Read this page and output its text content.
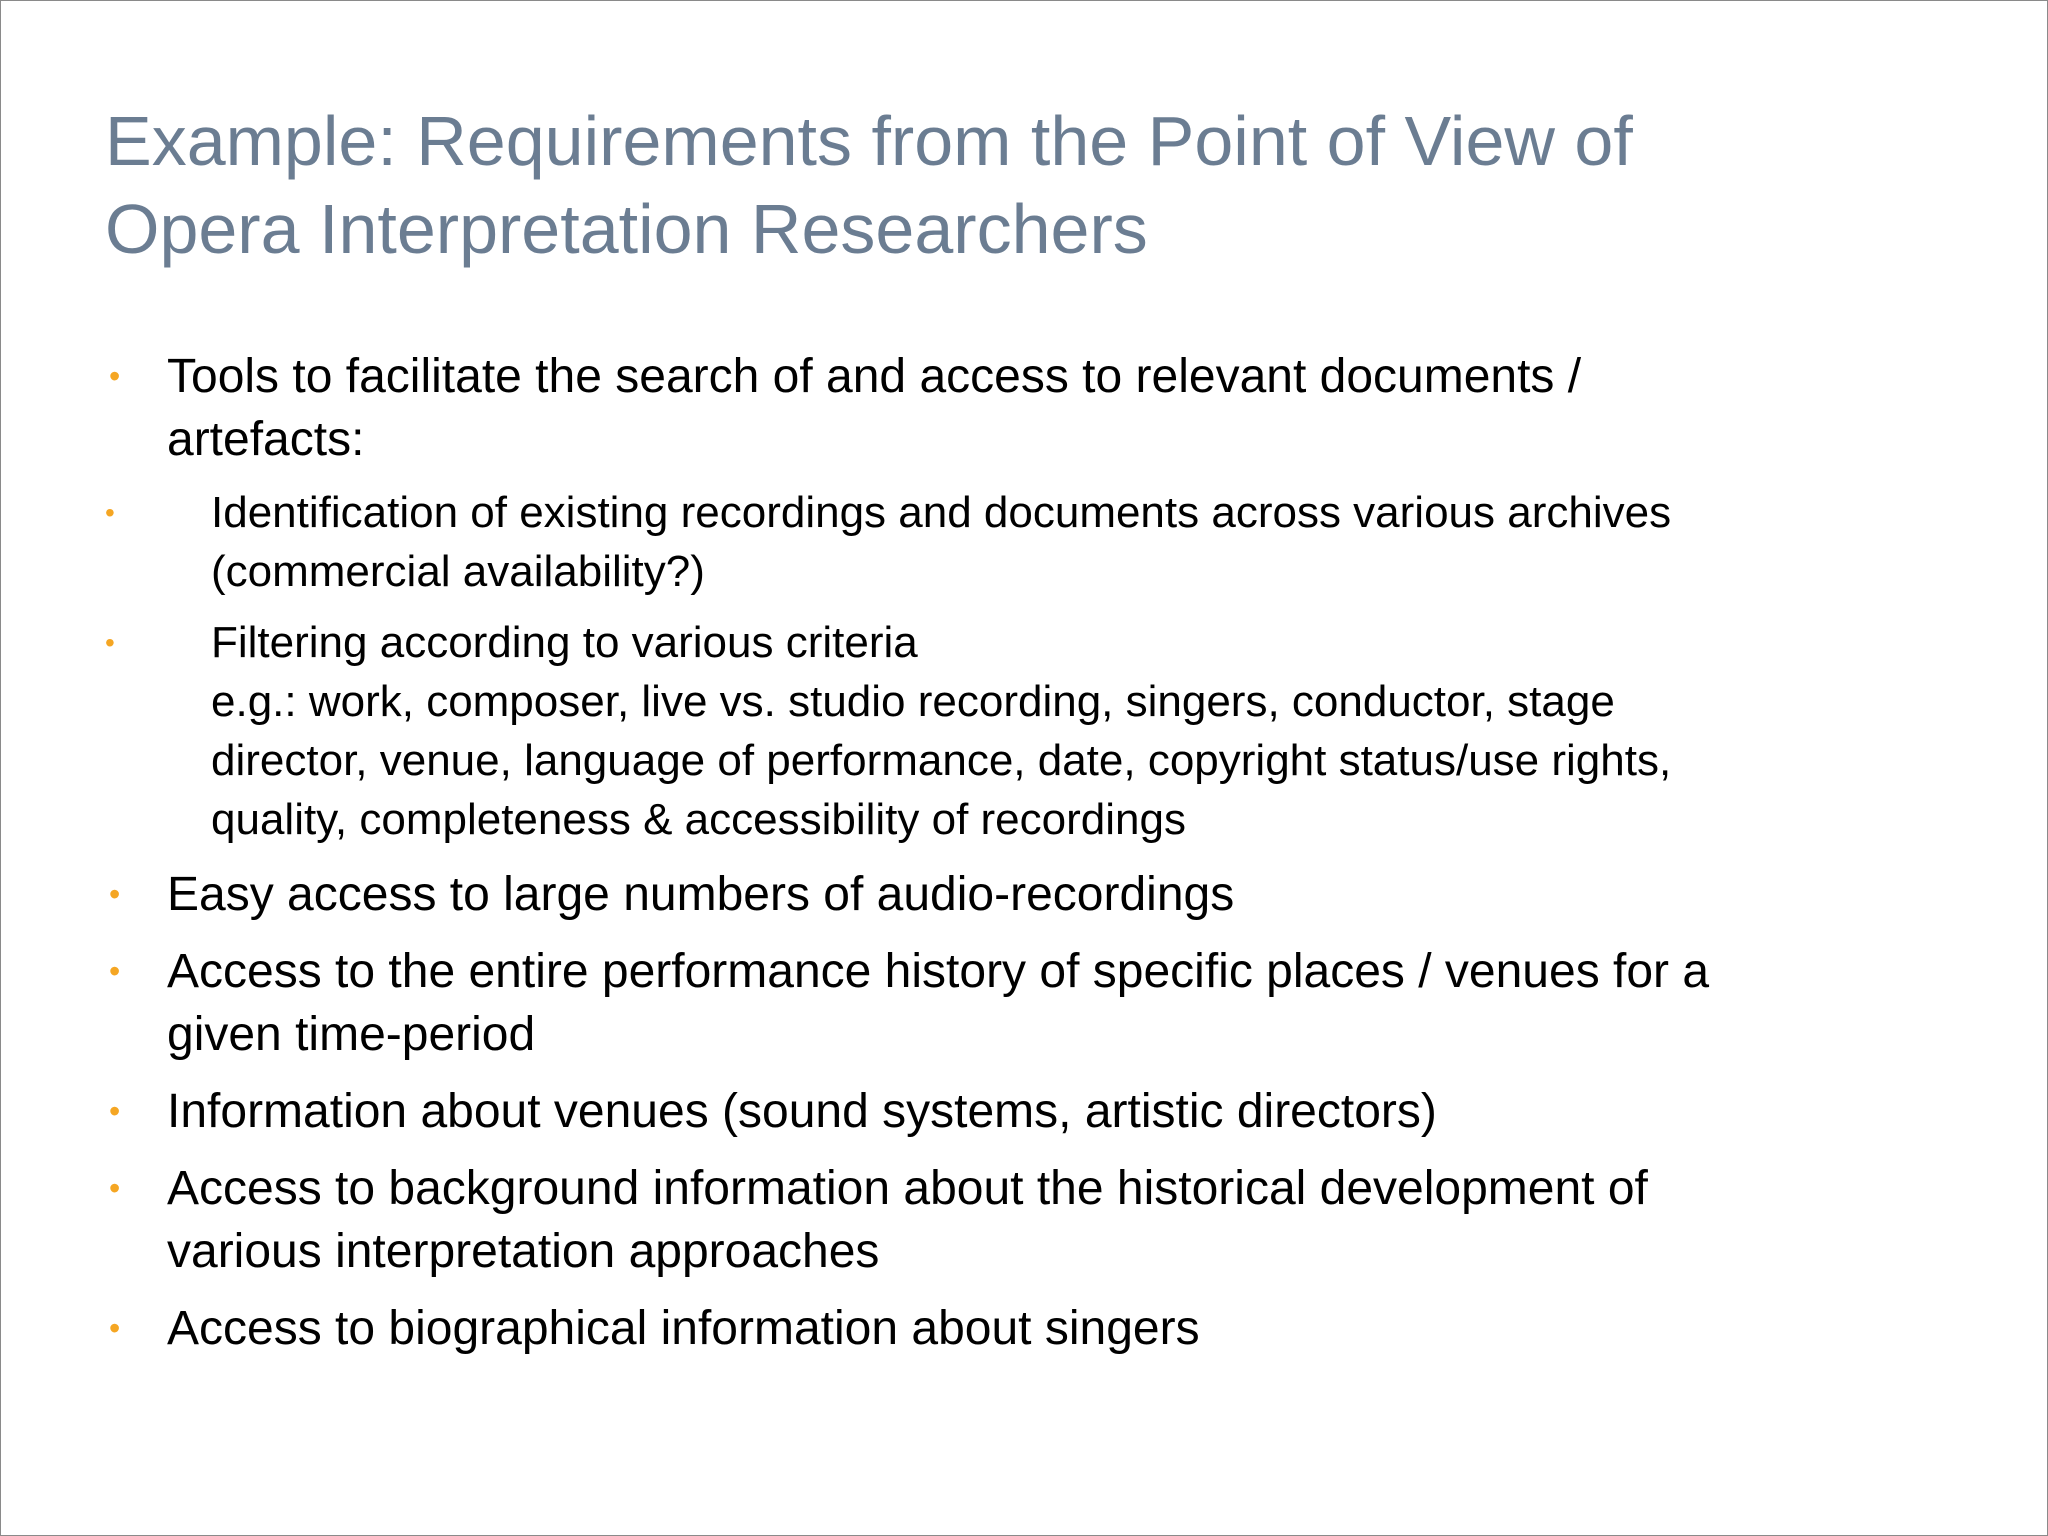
Example: Requirements from the Point of View of
Opera Interpretation Researchers
• Tools to facilitate the search of and access to relevant documents /
artefacts:
• Identification of existing recordings and documents across various archives
(commercial availability?)
• Filtering according to various criteria
e.g.: work, composer, live vs. studio recording, singers, conductor, stage
director, venue, language of performance, date, copyright status/use rights,
quality, completeness & accessibility of recordings
• Easy access to large numbers of audio-recordings
• Access to the entire performance history of specific places / venues for a
given time-period
• Information about venues (sound systems, artistic directors)
• Access to background information about the historical development of
various interpretation approaches
• Access to biographical information about singers
